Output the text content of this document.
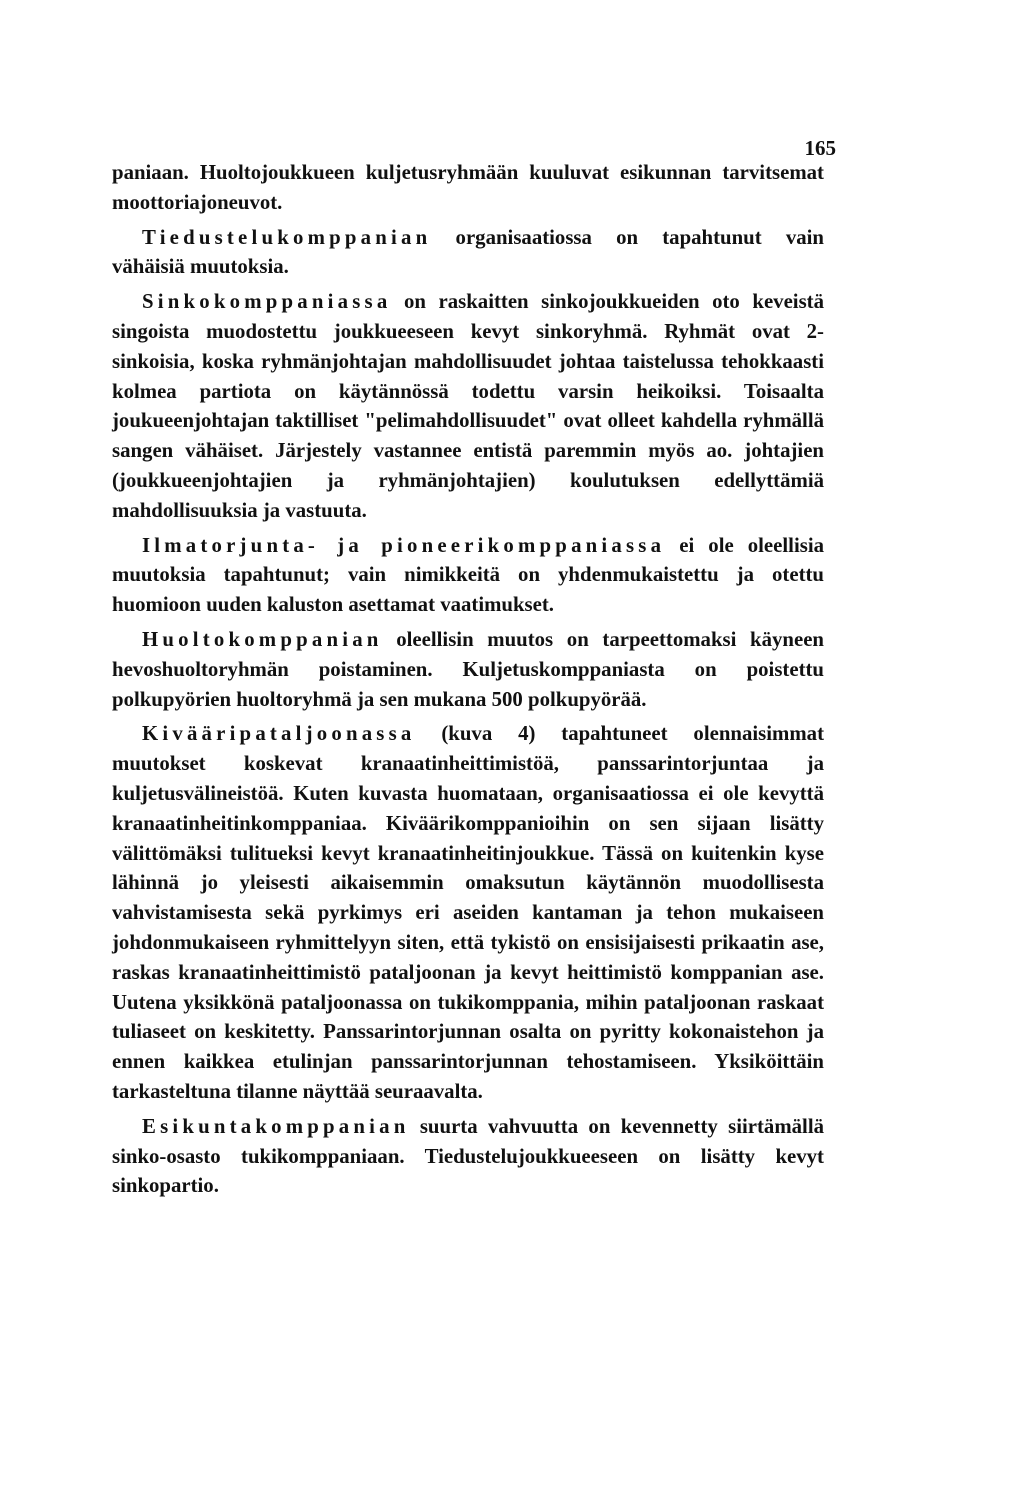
165

paniaan. Huoltojoukkueen kuljetusryhmään kuuluvat esikunnan tarvitsemat moottoriajoneuvot.

Tiedustelukomppanian organisaatiossa on tapahtunut vain vähäisiä muutoksia.

Sinkokomppaniassa on raskaitten sinkojoukkueiden oto keveistä singoista muodostettu joukkueeseen kevyt sinkoryhmä. Ryhmät ovat 2-sinkoisia, koska ryhmänjohtajan mahdollisuudet johtaa taistelussa tehokkaasti kolmea partiota on käytännössä todettu varsin heikoiksi. Toisaalta joukueenjohtajan taktilliset "pelimahdollisuudet" ovat olleet kahdella ryhmällä sangen vähäiset. Järjestely vastannee entistä paremmin myös ao. johtajien (joukkueenjohtajien ja ryhmänjohtajien) koulutuksen edellyttämiä mahdollisuuksia ja vastuuta.

Ilmatorjunta- ja pioneerikomppaniassa ei ole oleellisia muutoksia tapahtunut; vain nimikkeitä on yhdenmukaistettu ja otettu huomioon uuden kaluston asettamat vaatimukset.

Huoltokomppanian oleellisin muutos on tarpeettomaksi käyneen hevoshuoltoryhmän poistaminen. Kuljetuskomppaniasta on poistettu polkupyörien huoltoryhmä ja sen mukana 500 polkupyörää.

Kivääripataljoonassa (kuva 4) tapahtuneet olennaisimmat muutokset koskevat kranaatinheittimistöä, panssarintorjuntaa ja kuljetusvälineistöä. Kuten kuvasta huomataan, organisaatiossa ei ole kevyttä kranaatinheitinkomppaniaa. Kiväärikomppanioihin on sen sijaan lisätty välittömäksi tulitueksi kevyt kranaatinheitinjoukkue. Tässä on kuitenkin kyse lähinnä jo yleisesti aikaisemmin omaksutun käytännön muodollisesta vahvistamisesta sekä pyrkimys eri aseiden kantaman ja tehon mukaiseen johdonmukaiseen ryhmittelyyn siten, että tykistö on ensisijaisesti prikaatin ase, raskas kranaatinheittimistö pataljoonan ja kevyt heittimistö komppanian ase. Uutena yksikkönä pataljoonassa on tukikomppania, mihin pataljoonan raskaat tuliaseet on keskitetty. Panssarintorjunnan osalta on pyritty kokonaistehon ja ennen kaikkea etulinjan panssarintorjunnan tehostamiseen. Yksiköittäin tarkasteltuna tilanne näyttää seuraavalta.

Esikuntakomppanian suurta vahvuutta on kevennetty siirtämällä sinko-osasto tukikomppaniaan. Tiedustelujoukkueeseen on lisätty kevyt sinkopartio.
